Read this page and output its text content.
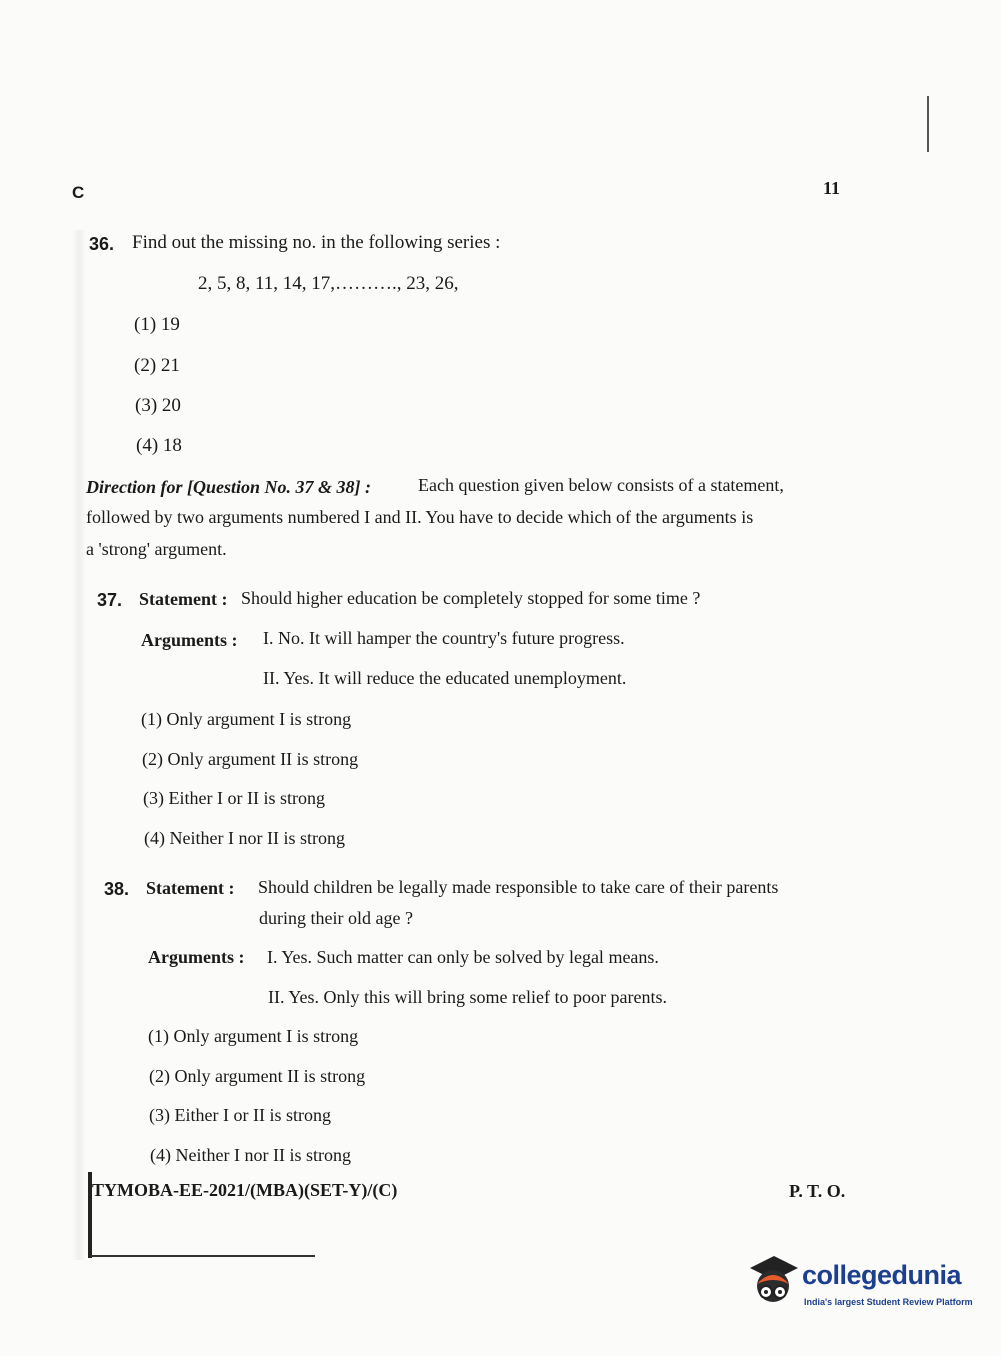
C	11
36. Find out the missing no. in the following series :
2, 5, 8, 11, 14, 17,………., 23, 26,
(1) 19
(2) 21
(3) 20
(4) 18
Direction for [Question No. 37 & 38] :	Each question given below consists of a statement,
followed by two arguments numbered I and II. You have to decide which of the arguments is
a 'strong' argument.
37. Statement : Should higher education be completely stopped for some time ?
Arguments : I. No. It will hamper the country's future progress.
II. Yes. It will reduce the educated unemployment.
(1) Only argument I is strong
(2) Only argument II is strong
(3) Either I or II is strong
(4) Neither I nor II is strong
38. Statement : Should children be legally made responsible to take care of their parents
during their old age ?
Arguments : I. Yes. Such matter can only be solved by legal means.
II. Yes. Only this will bring some relief to poor parents.
(1) Only argument I is strong
(2) Only argument II is strong
(3) Either I or II is strong
(4) Neither I nor II is strong
TYMOBA-EE-2021/(MBA)(SET-Y)/(C)	P. T. O.
collegedunia
India's largest Student Review Platform
